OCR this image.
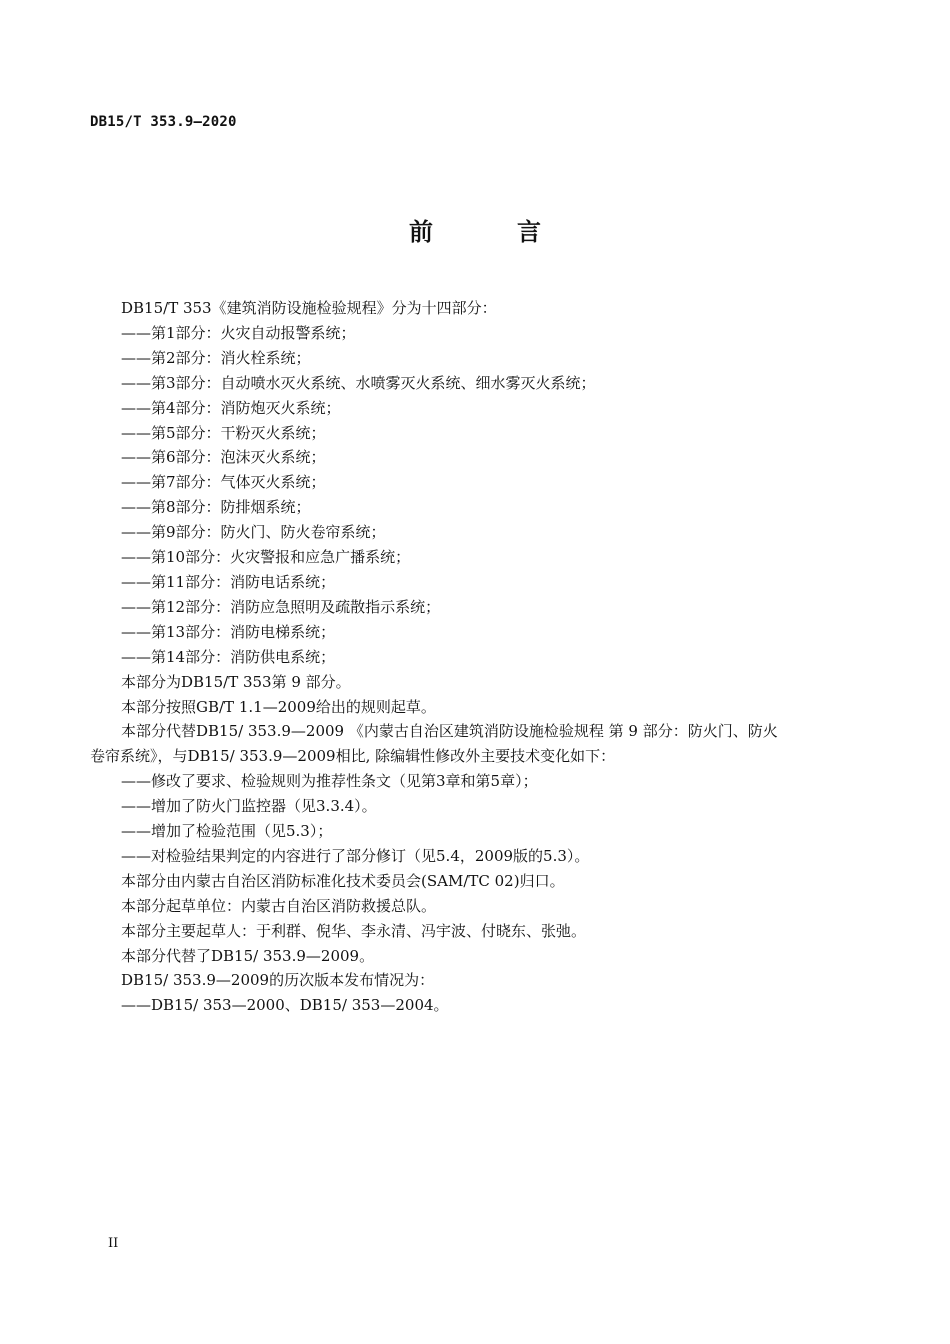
DB15/T 353.9—2020
前　言

DB15/T 353《建筑消防设施检验规程》分为十四部分：

——第1部分：火灾自动报警系统；

——第2部分：消火栓系统；

——第3部分：自动喷水灭火系统、水喷雾灭火系统、细水雾灭火系统；

——第4部分：消防炮灭火系统；

——第5部分：干粉灭火系统；

——第6部分：泡沫灭火系统；

——第7部分：气体灭火系统；

——第8部分：防排烟系统；

——第9部分：防火门、防火卷帘系统；

——第10部分：火灾警报和应急广播系统；

——第11部分：消防电话系统；

——第12部分：消防应急照明及疏散指示系统；

——第13部分：消防电梯系统；

——第14部分：消防供电系统；

本部分为DB15/T 353第 9 部分。

本部分按照GB/T 1.1—2009给出的规则起草。

本部分代替DB15/ 353.9—2009 《内蒙古自治区建筑消防设施检验规程 第 9 部分：防火门、防火

卷帘系统》，与DB15/ 353.9—2009相比, 除编辑性修改外主要技术变化如下：

——修改了要求、检验规则为推荐性条文（见第3章和第5章）；

——增加了防火门监控器（见3.3.4）。

——增加了检验范围（见5.3）；

——对检验结果判定的内容进行了部分修订（见5.4，2009版的5.3）。

本部分由内蒙古自治区消防标准化技术委员会(SAM/TC 02)归口。

本部分起草单位：内蒙古自治区消防救援总队。

本部分主要起草人：于利群、倪华、李永清、冯宇波、付晓东、张弛。

本部分代替了DB15/ 353.9—2009。

DB15/ 353.9—2009的历次版本发布情况为：

——DB15/ 353—2000、DB15/ 353—2004。

II
